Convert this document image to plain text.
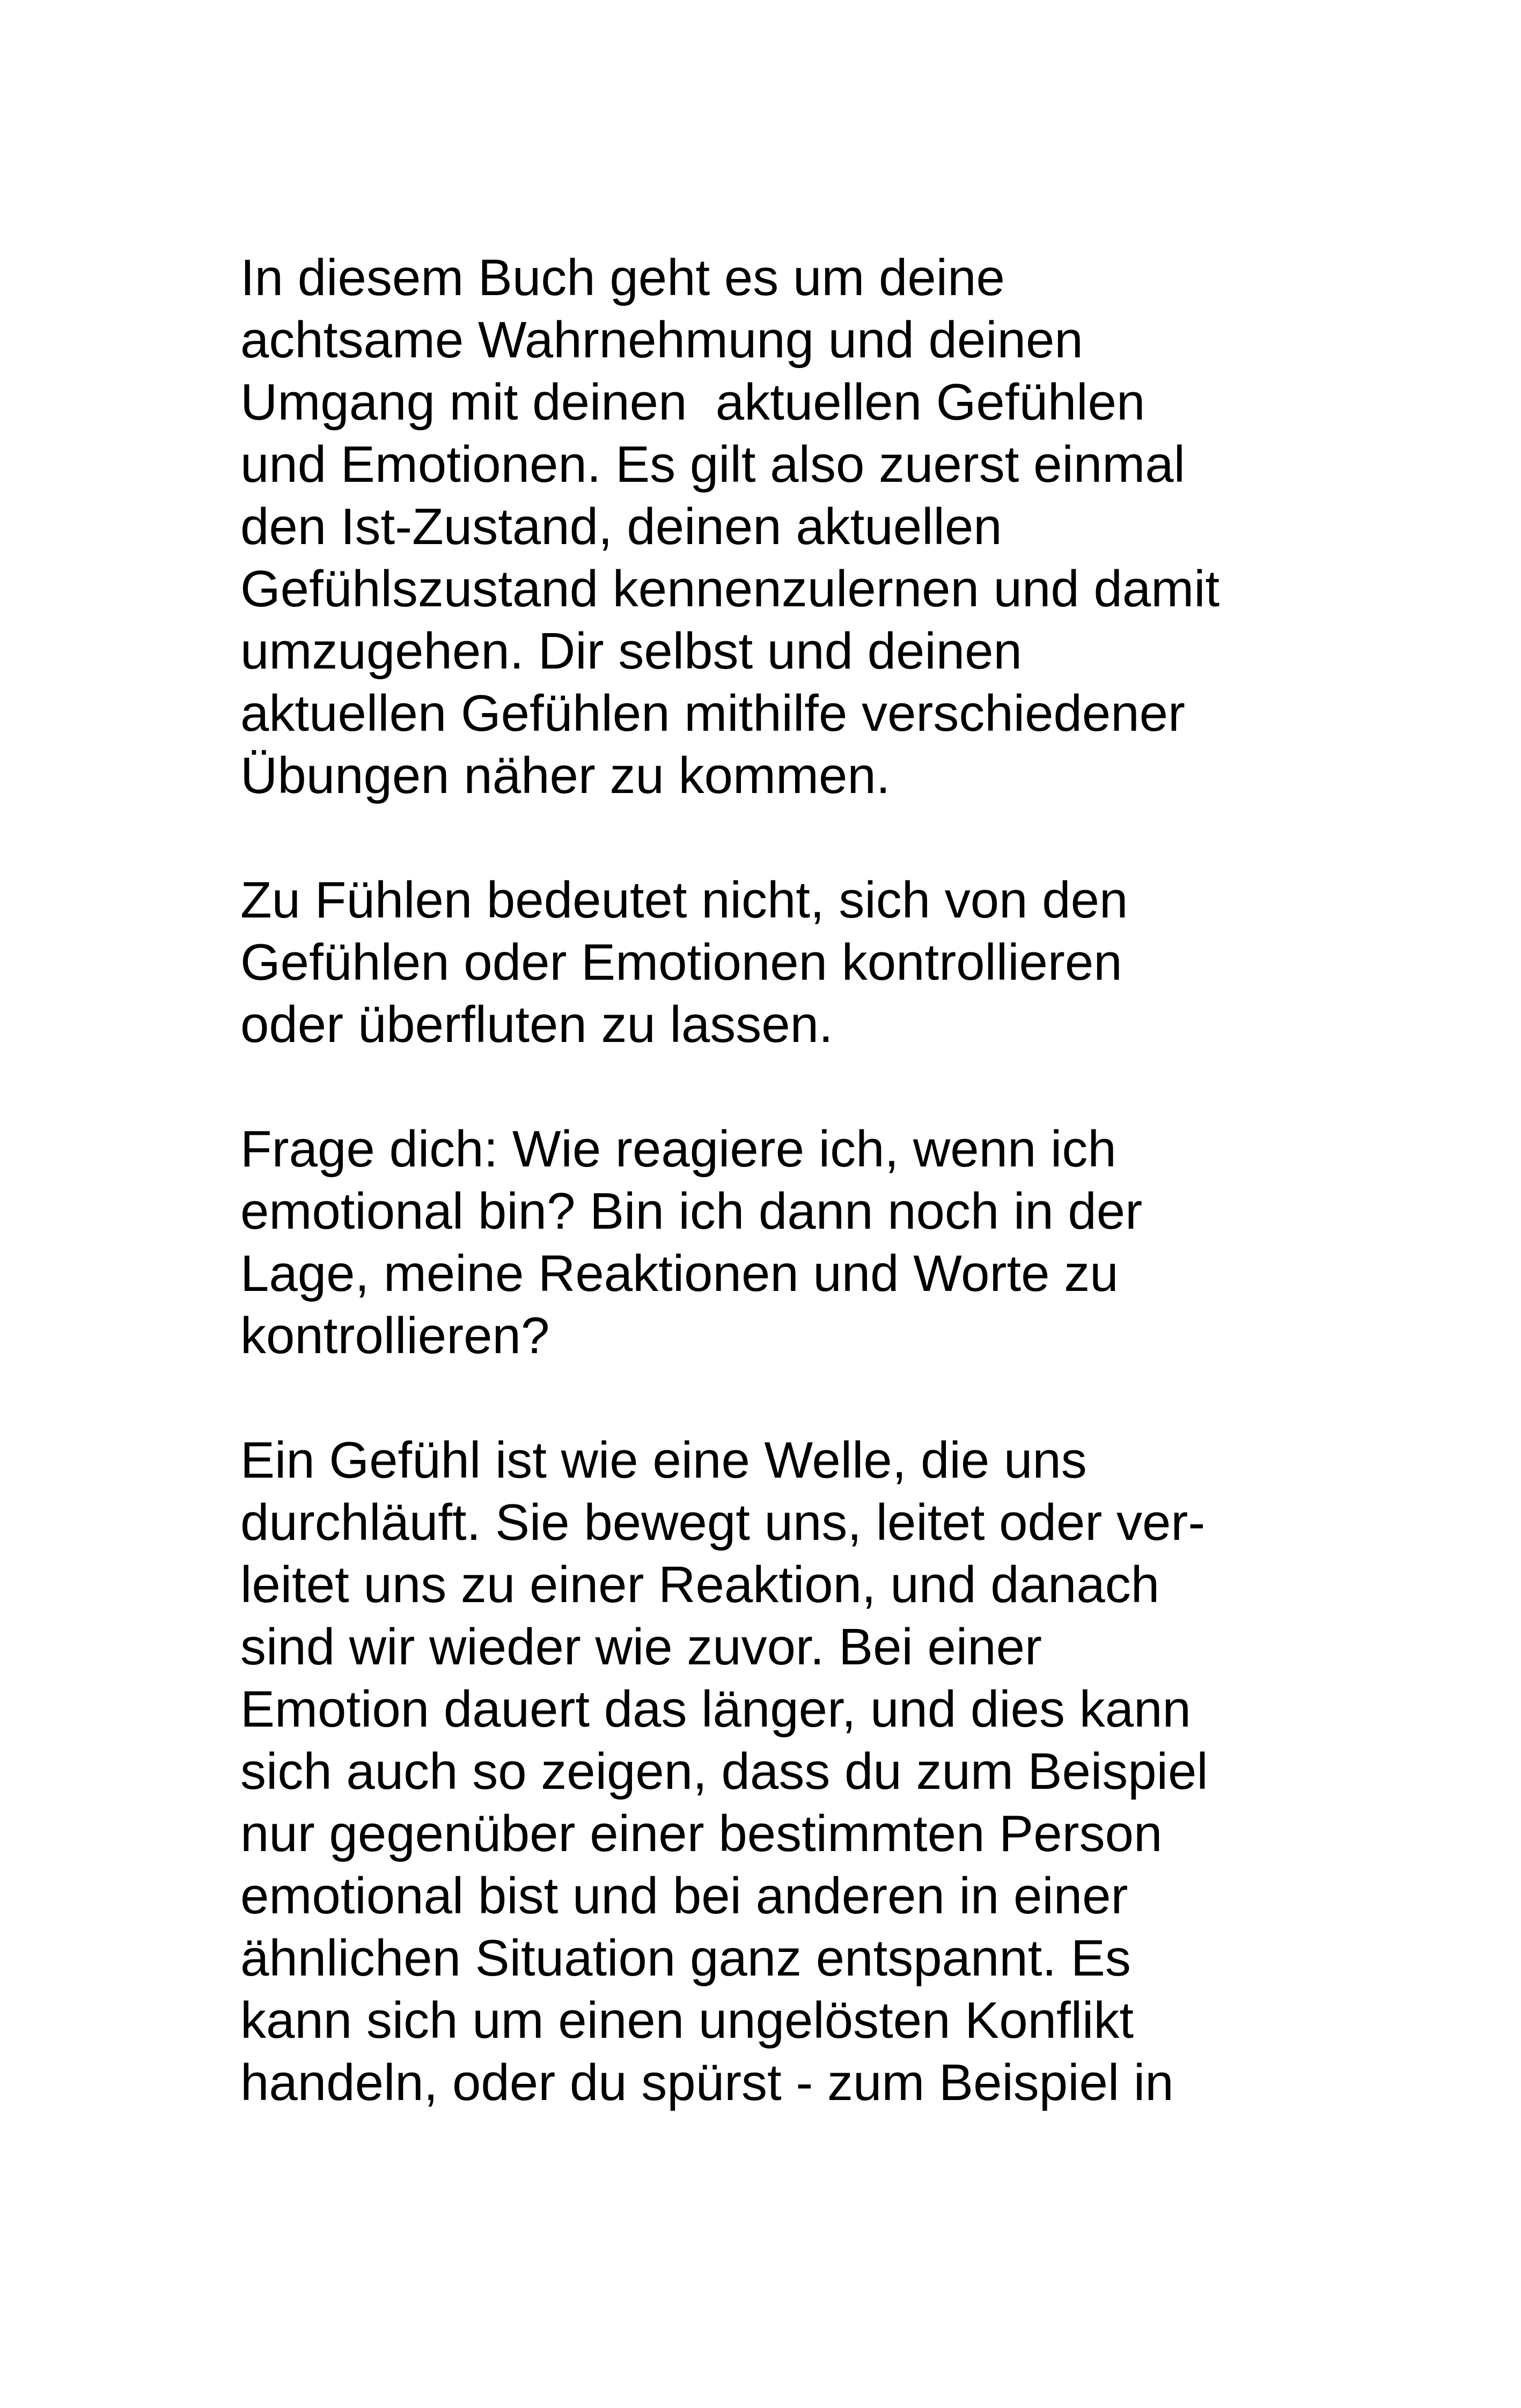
In diesem Buch geht es um deine
achtsame Wahrnehmung und deinen
Umgang mit deinen  aktuellen Gefühlen
und Emotionen. Es gilt also zuerst einmal
den Ist-Zustand, deinen aktuellen
Gefühlszustand kennenzulernen und damit
umzugehen. Dir selbst und deinen
aktuellen Gefühlen mithilfe verschiedener
Übungen näher zu kommen.

Zu Fühlen bedeutet nicht, sich von den
Gefühlen oder Emotionen kontrollieren
oder überfluten zu lassen.

Frage dich: Wie reagiere ich, wenn ich
emotional bin? Bin ich dann noch in der
Lage, meine Reaktionen und Worte zu
kontrollieren?

Ein Gefühl ist wie eine Welle, die uns
durchläuft. Sie bewegt uns, leitet oder ver-
leitet uns zu einer Reaktion, und danach
sind wir wieder wie zuvor. Bei einer
Emotion dauert das länger, und dies kann
sich auch so zeigen, dass du zum Beispiel
nur gegenüber einer bestimmten Person
emotional bist und bei anderen in einer
ähnlichen Situation ganz entspannt. Es
kann sich um einen ungelösten Konflikt
handeln, oder du spürst - zum Beispiel in
